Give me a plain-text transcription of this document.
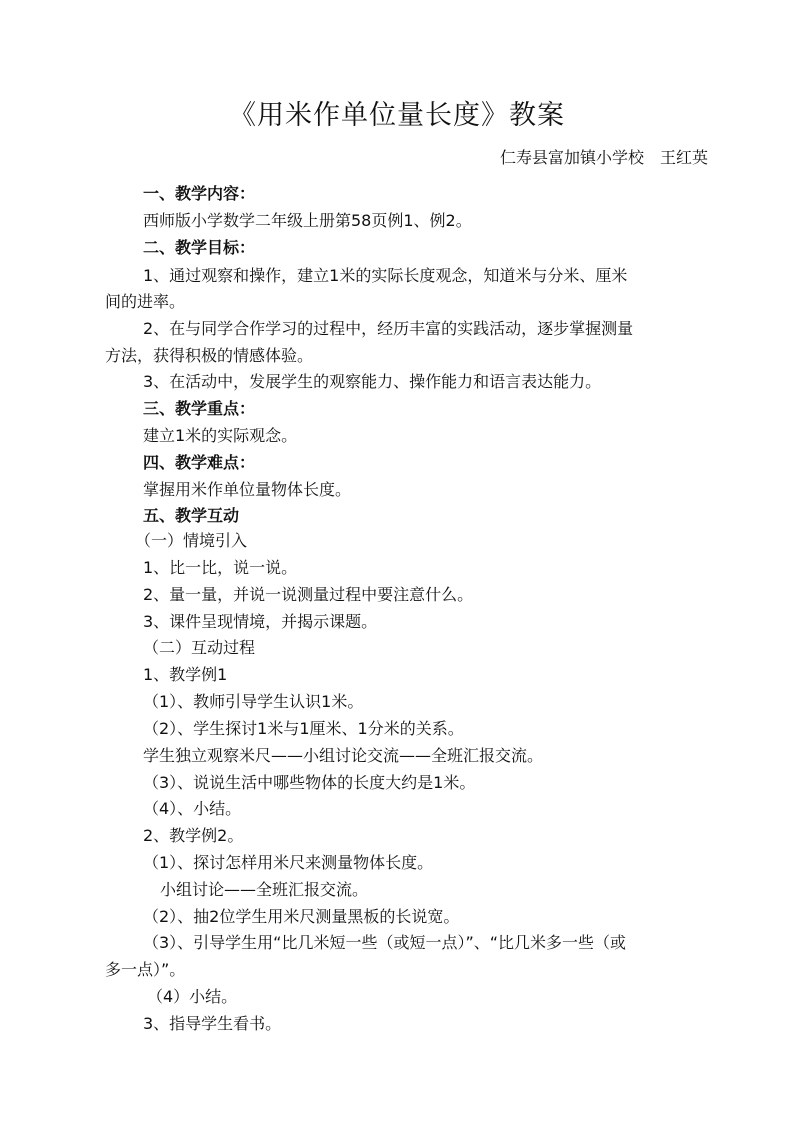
《用米作单位量长度》教案
仁寿县富加镇小学校　王红英
一、教学内容：
西师版小学数学二年级上册第58页例1、例2。
二、教学目标：
1、通过观察和操作，建立1米的实际长度观念，知道米与分米、厘米
间的进率。
2、在与同学合作学习的过程中，经历丰富的实践活动，逐步掌握测量
方法，获得积极的情感体验。
3、在活动中，发展学生的观察能力、操作能力和语言表达能力。
三、教学重点：
建立1米的实际观念。
四、教学难点：
掌握用米作单位量物体长度。
五、教学互动
（一）情境引入
1、比一比，说一说。
2、量一量，并说一说测量过程中要注意什么。
3、课件呈现情境，并揭示课题。
（二）互动过程
1、教学例1
（1）、教师引导学生认识1米。
（2）、学生探讨1米与1厘米、1分米的关系。
学生独立观察米尺——小组讨论交流——全班汇报交流。
（3）、说说生活中哪些物体的长度大约是1米。
（4）、小结。
2、教学例2。
（1）、探讨怎样用米尺来测量物体长度。
小组讨论——全班汇报交流。
（2）、抽2位学生用米尺测量黑板的长说宽。
（3）、引导学生用“比几米短一些（或短一点）”、“比几米多一些（或
多一点）”。
（4）小结。
3、指导学生看书。
